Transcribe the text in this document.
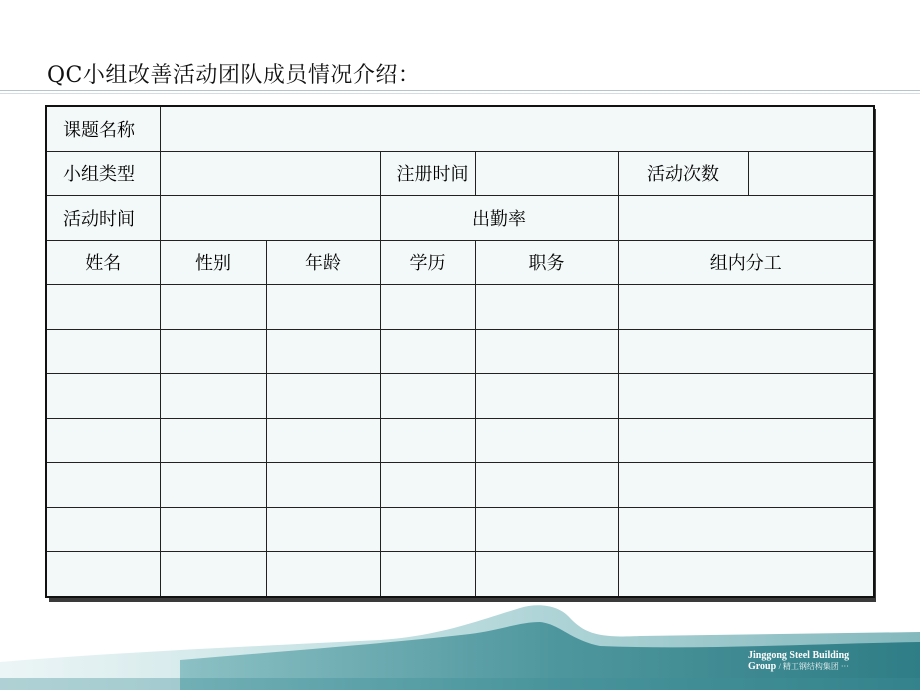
QC小组改善活动团队成员情况介绍：
课题名称						
小组类型			注册时间		活动次数	
活动时间			出勤率			
姓名	性别	年龄	学历	职务	组内分工	

Jinggong Steel Building
Group / 精工钢结构集团 ···
